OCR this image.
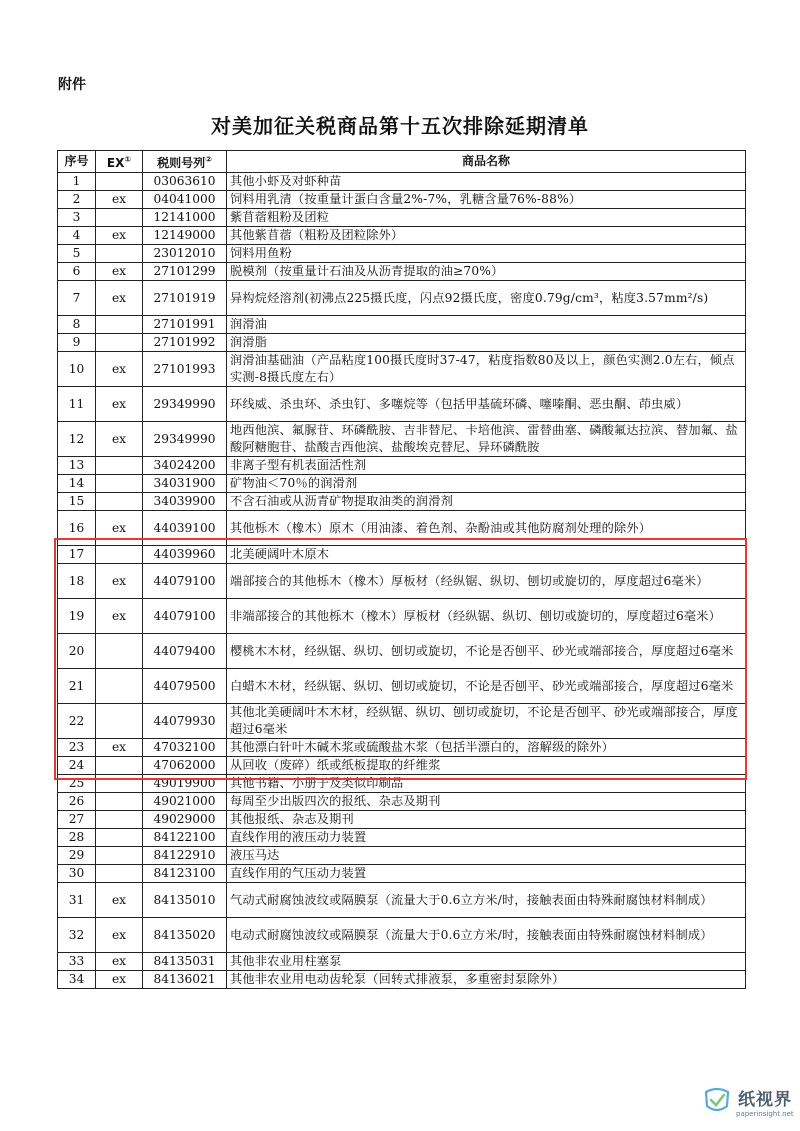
附件
对美加征关税商品第十五次排除延期清单
序号	EX①	税则号列②	商品名称
1		03063610	其他小虾及对虾种苗
2	ex	04041000	饲料用乳清（按重量计蛋白含量2%-7%，乳糖含量76%-88%）
3		12141000	紫苜蓿粗粉及团粒
4	ex	12149000	其他紫苜蓿（粗粉及团粒除外）
5		23012010	饲料用鱼粉
6	ex	27101299	脱模剂（按重量计石油及从沥青提取的油≥70%）
7	ex	27101919	异构烷烃溶剂(初沸点225摄氏度，闪点92摄氏度，密度0.79g/cm³，粘度3.57mm²/s)
8		27101991	润滑油
9		27101992	润滑脂
10	ex	27101993	润滑油基础油（产品粘度100摄氏度时37-47，粘度指数80及以上，颜色实测2.0左右，倾点实测-8摄氏度左右）
11	ex	29349990	环线威、杀虫环、杀虫钉、多噻烷等（包括甲基硫环磷、噻嗪酮、恶虫酮、茚虫威）
12	ex	29349990	地西他滨、氟脲苷、环磷酰胺、吉非替尼、卡培他滨、雷替曲塞、磷酸氟达拉滨、替加氟、盐酸阿糖胞苷、盐酸吉西他滨、盐酸埃克替尼、异环磷酰胺
13		34024200	非离子型有机表面活性剂
14		34031900	矿物油＜70％的润滑剂
15		34039900	不含石油或从沥青矿物提取油类的润滑剂
16	ex	44039100	其他栎木（橡木）原木（用油漆、着色剂、杂酚油或其他防腐剂处理的除外）
17		44039960	北美硬阔叶木原木
18	ex	44079100	端部接合的其他栎木（橡木）厚板材（经纵锯、纵切、刨切或旋切的，厚度超过6毫米）
19	ex	44079100	非端部接合的其他栎木（橡木）厚板材（经纵锯、纵切、刨切或旋切的，厚度超过6毫米）
20		44079400	樱桃木木材，经纵锯、纵切、刨切或旋切，不论是否刨平、砂光或端部接合，厚度超过6毫米
21		44079500	白蜡木木材，经纵锯、纵切、刨切或旋切，不论是否刨平、砂光或端部接合，厚度超过6毫米
22		44079930	其他北美硬阔叶木木材，经纵锯、纵切、刨切或旋切，不论是否刨平、砂光或端部接合，厚度超过6毫米
23	ex	47032100	其他漂白针叶木碱木浆或硫酸盐木浆（包括半漂白的，溶解级的除外）
24		47062000	从回收（废碎）纸或纸板提取的纤维浆
25		49019900	其他书籍、小册子及类似印刷品
26		49021000	每周至少出版四次的报纸、杂志及期刊
27		49029000	其他报纸、杂志及期刊
28		84122100	直线作用的液压动力装置
29		84122910	液压马达
30		84123100	直线作用的气压动力装置
31	ex	84135010	气动式耐腐蚀波纹或隔膜泵（流量大于0.6立方米/时，接触表面由特殊耐腐蚀材料制成）
32	ex	84135020	电动式耐腐蚀波纹或隔膜泵（流量大于0.6立方米/时，接触表面由特殊耐腐蚀材料制成）
33	ex	84135031	其他非农业用柱塞泵
34	ex	84136021	其他非农业用电动齿轮泵（回转式排液泵，多重密封泵除外）
纸视界
paperinsight.net
